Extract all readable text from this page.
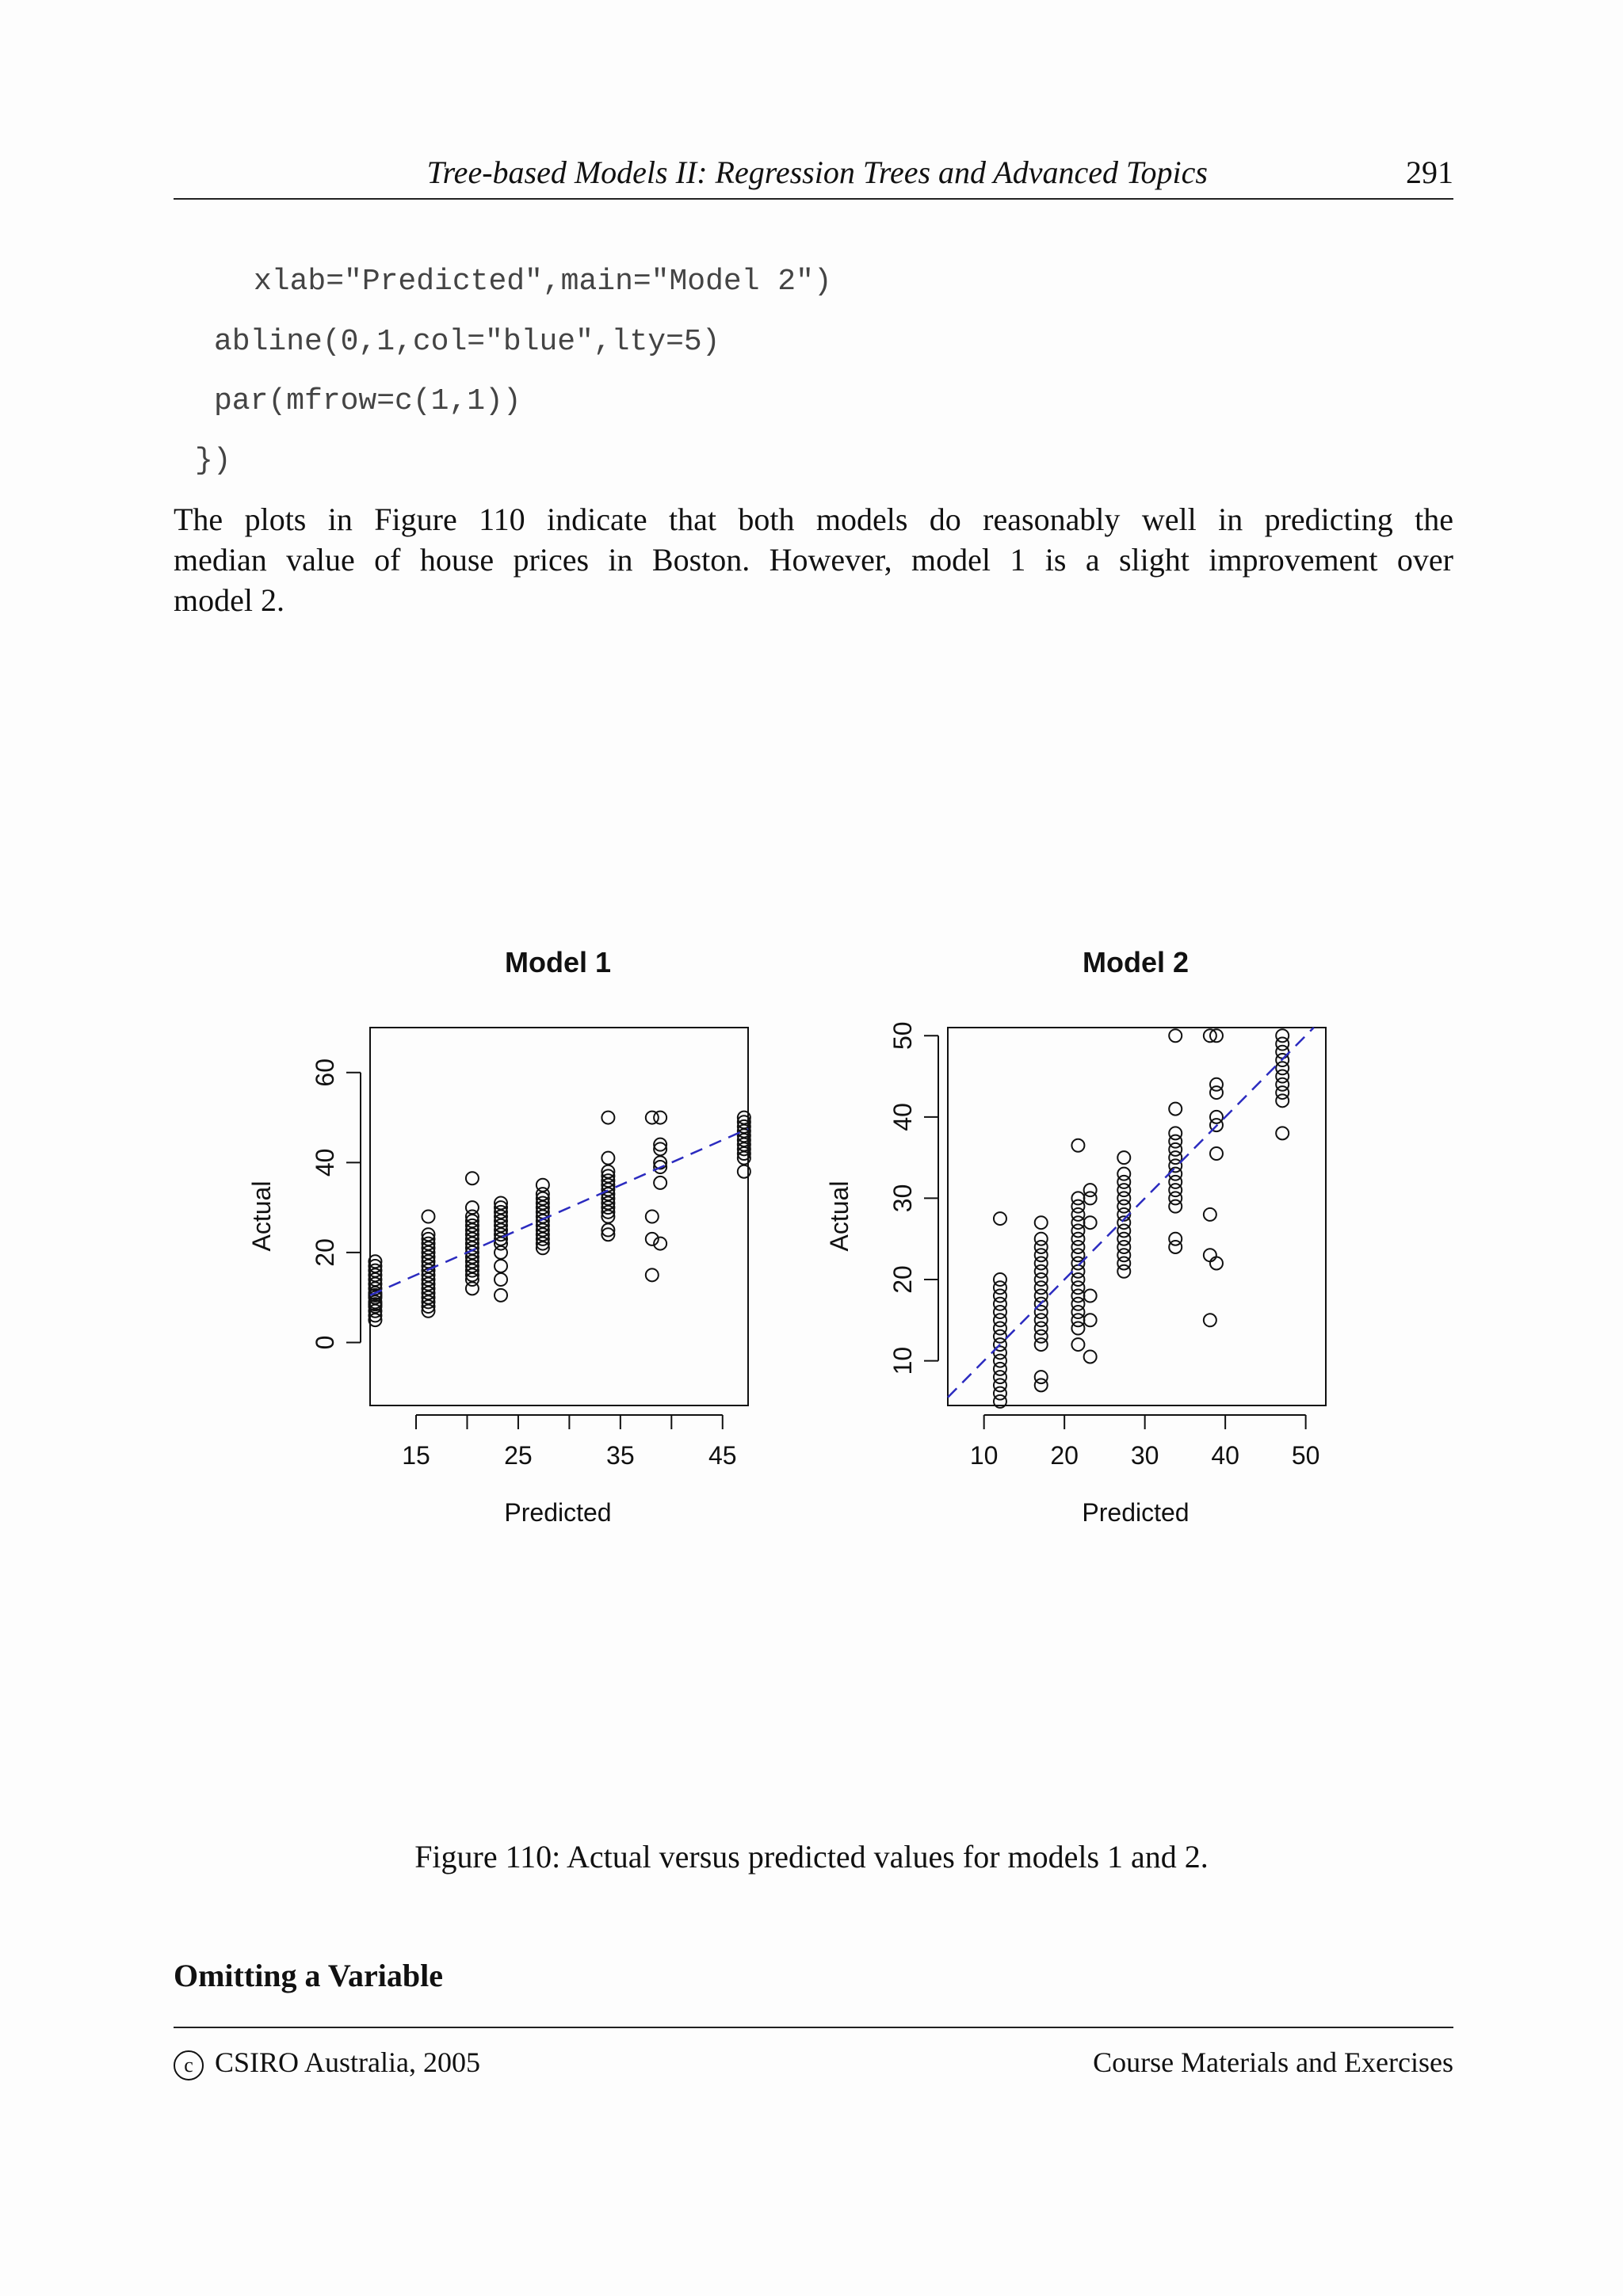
Tree-based Models II: Regression Trees and Advanced Topics	291
xlab="Predicted",main="Model 2")
abline(0,1,col="blue",lty=5)
par(mfrow=c(1,1))
})
The plots in Figure 110 indicate that both models do reasonably well in predicting the
median value of house prices in Boston. However, model 1 is a slight improvement over
model 2.
Model 1
Actual
Predicted
15	25	35	45
0
20
40
60
Model 2
Actual
Predicted
10 20 30 40 50
10
20
30
40
50
Figure 110: Actual versus predicted values for models 1 and 2.
Omitting a Variable
c CSIRO Australia, 2005	Course Materials and Exercises
